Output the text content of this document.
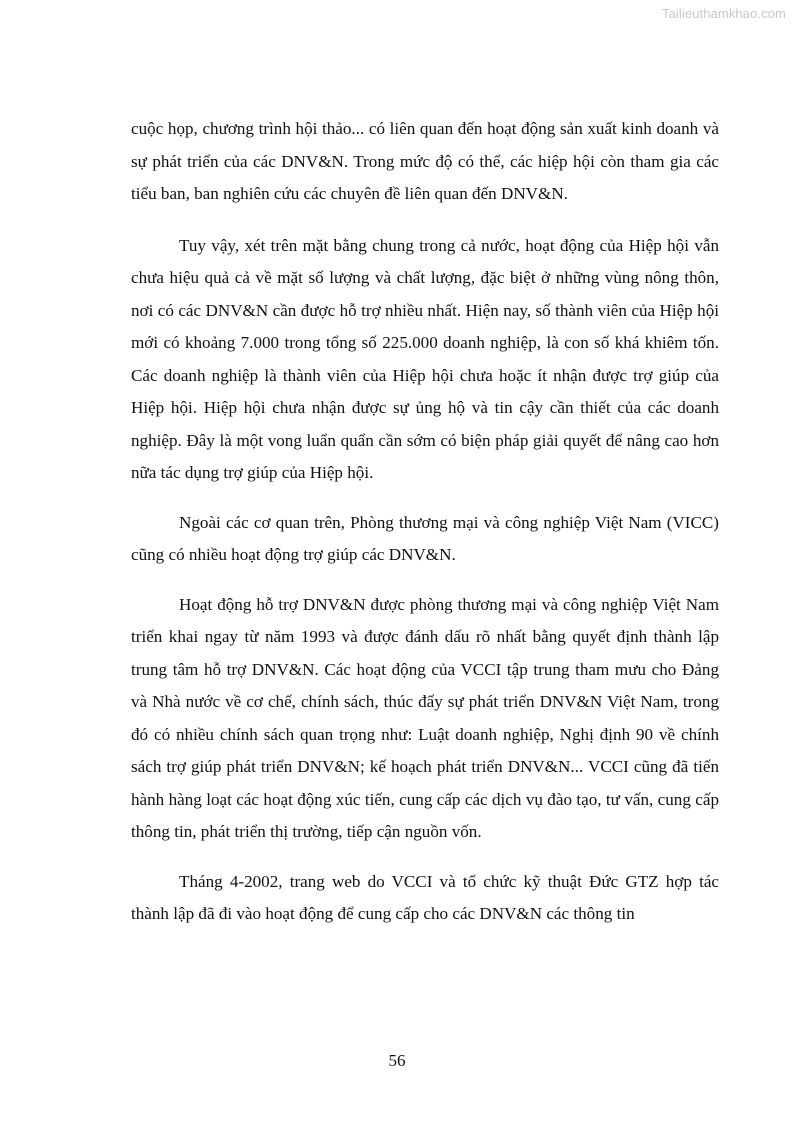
Tailieuthamkhao.com

cuộc họp, chương trình hội thảo... có liên quan đến hoạt động sản xuất kinh doanh và sự phát triển của các DNV&N. Trong mức độ có thể, các hiệp hội còn tham gia các tiểu ban, ban nghiên cứu các chuyên đề liên quan đến DNV&N.

Tuy vậy, xét trên mặt bằng chung trong cả nước, hoạt động của Hiệp hội vẫn chưa hiệu quả cả về mặt số lượng và chất lượng, đặc biệt ở những vùng nông thôn, nơi có các DNV&N cần được hỗ trợ nhiều nhất. Hiện nay, số thành viên của Hiệp hội mới có khoảng 7.000 trong tổng số 225.000 doanh nghiệp, là con số khá khiêm tốn. Các doanh nghiệp là thành viên của Hiệp hội chưa hoặc ít nhận được trợ giúp của Hiệp hội. Hiệp hội chưa nhận được sự ủng hộ và tin cậy cần thiết của các doanh nghiệp. Đây là một vong luẩn quẩn cần sớm có biện pháp giải quyết để nâng cao hơn nữa tác dụng trợ giúp của Hiệp hội.

Ngoài các cơ quan trên, Phòng thương mại và công nghiệp Việt Nam (VICC) cũng có nhiều hoạt động trợ giúp các DNV&N.

Hoạt động hỗ trợ DNV&N được phòng thương mại và công nghiệp Việt Nam triển khai ngay từ năm 1993 và được đánh dấu rõ nhất bằng quyết định thành lập trung tâm hỗ trợ DNV&N. Các hoạt động của VCCI tập trung tham mưu cho Đảng và Nhà nước về cơ chế, chính sách, thúc đẩy sự phát triển DNV&N Việt Nam, trong đó có nhiều chính sách quan trọng như: Luật doanh nghiệp, Nghị định 90 về chính sách trợ giúp phát triển DNV&N; kế hoạch phát triển DNV&N... VCCI cũng đã tiến hành hàng loạt các hoạt động xúc tiến, cung cấp các dịch vụ đào tạo, tư vấn, cung cấp thông tin, phát triển thị trường, tiếp cận nguồn vốn.

Tháng 4-2002, trang web do VCCI và tổ chức kỹ thuật Đức GTZ hợp tác thành lập đã đi vào hoạt động để cung cấp cho các DNV&N các thông tin

56
